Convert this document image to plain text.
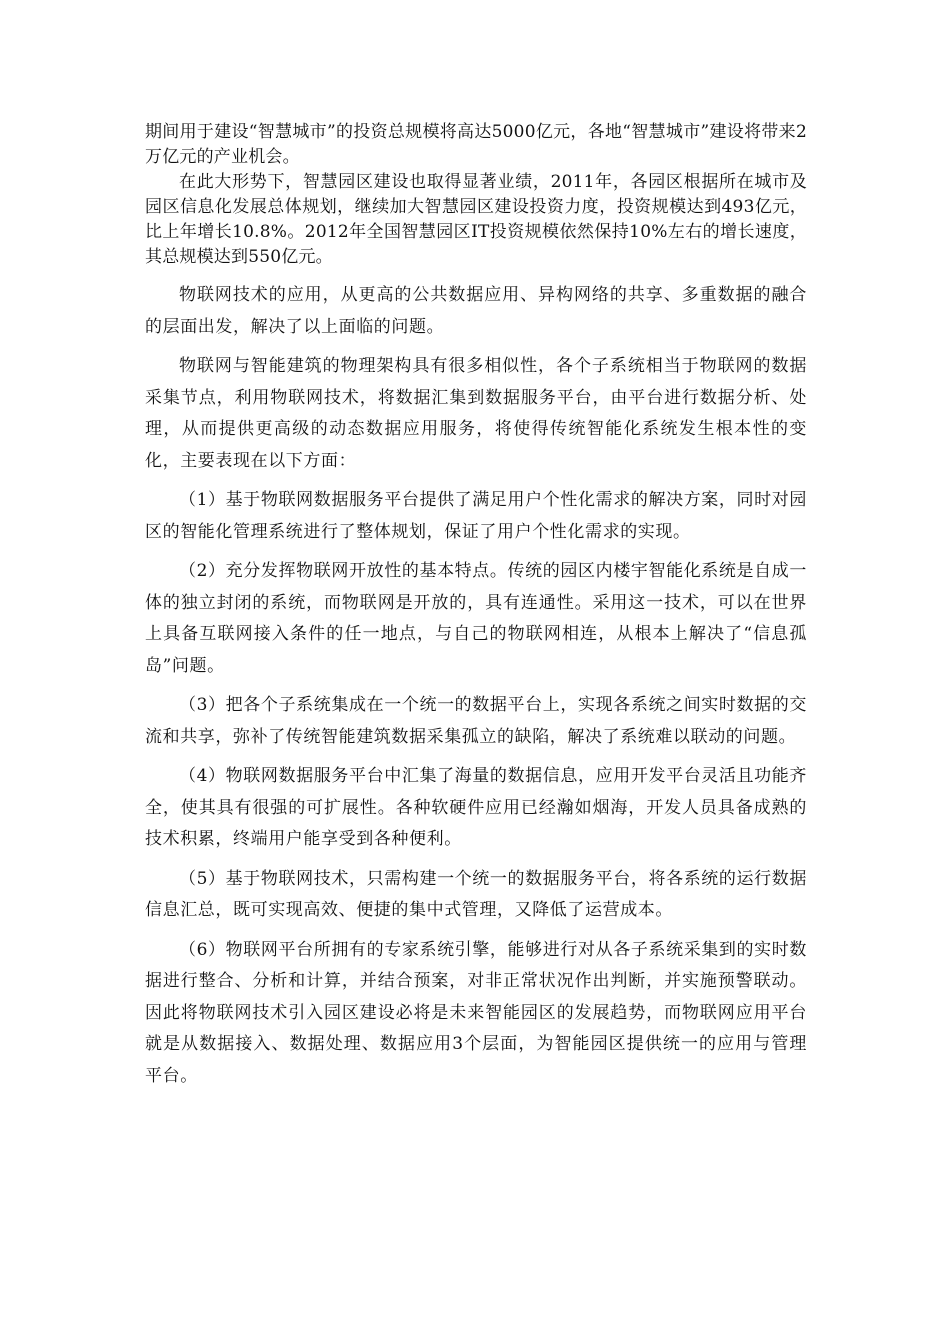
期间用于建设“智慧城市”的投资总规模将高达5000亿元，各地“智慧城市”建设将带来2万亿元的产业机会。

在此大形势下，智慧园区建设也取得显著业绩，2011年，各园区根据所在城市及园区信息化发展总体规划，继续加大智慧园区建设投资力度，投资规模达到493亿元，比上年增长10.8%。2012年全国智慧园区IT投资规模依然保持10%左右的增长速度，其总规模达到550亿元。

物联网技术的应用，从更高的公共数据应用、异构网络的共享、多重数据的融合的层面出发，解决了以上面临的问题。

物联网与智能建筑的物理架构具有很多相似性，各个子系统相当于物联网的数据采集节点，利用物联网技术，将数据汇集到数据服务平台，由平台进行数据分析、处理，从而提供更高级的动态数据应用服务，将使得传统智能化系统发生根本性的变化，主要表现在以下方面：

（1）基于物联网数据服务平台提供了满足用户个性化需求的解决方案，同时对园区的智能化管理系统进行了整体规划，保证了用户个性化需求的实现。

（2）充分发挥物联网开放性的基本特点。传统的园区内楼宇智能化系统是自成一体的独立封闭的系统，而物联网是开放的，具有连通性。采用这一技术，可以在世界上具备互联网接入条件的任一地点，与自己的物联网相连，从根本上解决了“信息孤岛”问题。

（3）把各个子系统集成在一个统一的数据平台上，实现各系统之间实时数据的交流和共享，弥补了传统智能建筑数据采集孤立的缺陷，解决了系统难以联动的问题。

（4）物联网数据服务平台中汇集了海量的数据信息，应用开发平台灵活且功能齐全，使其具有很强的可扩展性。各种软硬件应用已经瀚如烟海，开发人员具备成熟的技术积累，终端用户能享受到各种便利。

（5）基于物联网技术，只需构建一个统一的数据服务平台，将各系统的运行数据信息汇总，既可实现高效、便捷的集中式管理，又降低了运营成本。

（6）物联网平台所拥有的专家系统引擎，能够进行对从各子系统采集到的实时数据进行整合、分析和计算，并结合预案，对非正常状况作出判断，并实施预警联动。因此将物联网技术引入园区建设必将是未来智能园区的发展趋势，而物联网应用平台就是从数据接入、数据处理、数据应用3个层面，为智能园区提供统一的应用与管理平台。
